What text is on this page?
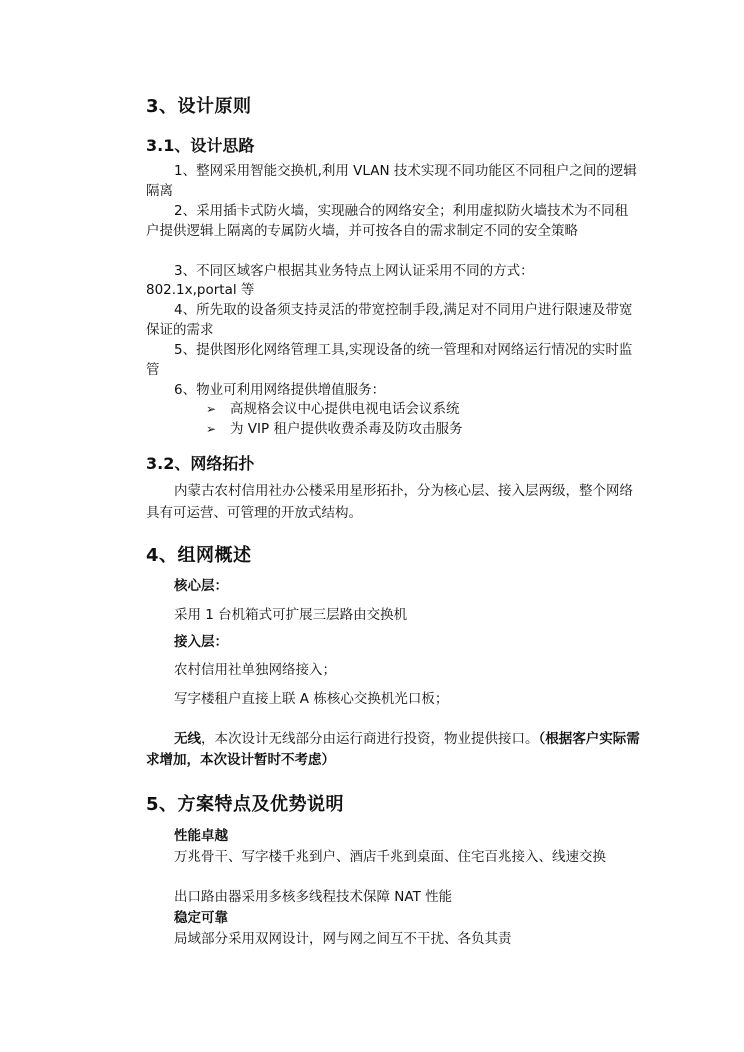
3、设计原则
3.1、设计思路
1、整网采用智能交换机,利用 VLAN 技术实现不同功能区不同租户之间的逻辑隔离
2、采用插卡式防火墙，实现融合的网络安全；利用虚拟防火墙技术为不同租户提供逻辑上隔离的专属防火墙，并可按各自的需求制定不同的安全策略
3、不同区域客户根据其业务特点上网认证采用不同的方式：
802.1x,portal 等
4、所先取的设备须支持灵活的带宽控制手段,满足对不同用户进行限速及带宽保证的需求
5、提供图形化网络管理工具,实现设备的统一管理和对网络运行情况的实时监管
6、物业可利用网络提供增值服务：
➢ 高规格会议中心提供电视电话会议系统
➢ 为 VIP 租户提供收费杀毒及防攻击服务
3.2、网络拓扑
内蒙古农村信用社办公楼采用星形拓扑，分为核心层、接入层两级，整个网络具有可运营、可管理的开放式结构。
4、组网概述
核心层：
采用 1 台机箱式可扩展三层路由交换机
接入层：
农村信用社单独网络接入；
写字楼租户直接上联 A 栋核心交换机光口板；
无线，本次设计无线部分由运行商进行投资，物业提供接口。（根据客户实际需求增加，本次设计暂时不考虑）
5、方案特点及优势说明
性能卓越
万兆骨干、写字楼千兆到户、酒店千兆到桌面、住宅百兆接入、线速交换
出口路由器采用多核多线程技术保障 NAT 性能
稳定可靠
局域部分采用双网设计，网与网之间互不干扰、各负其责
